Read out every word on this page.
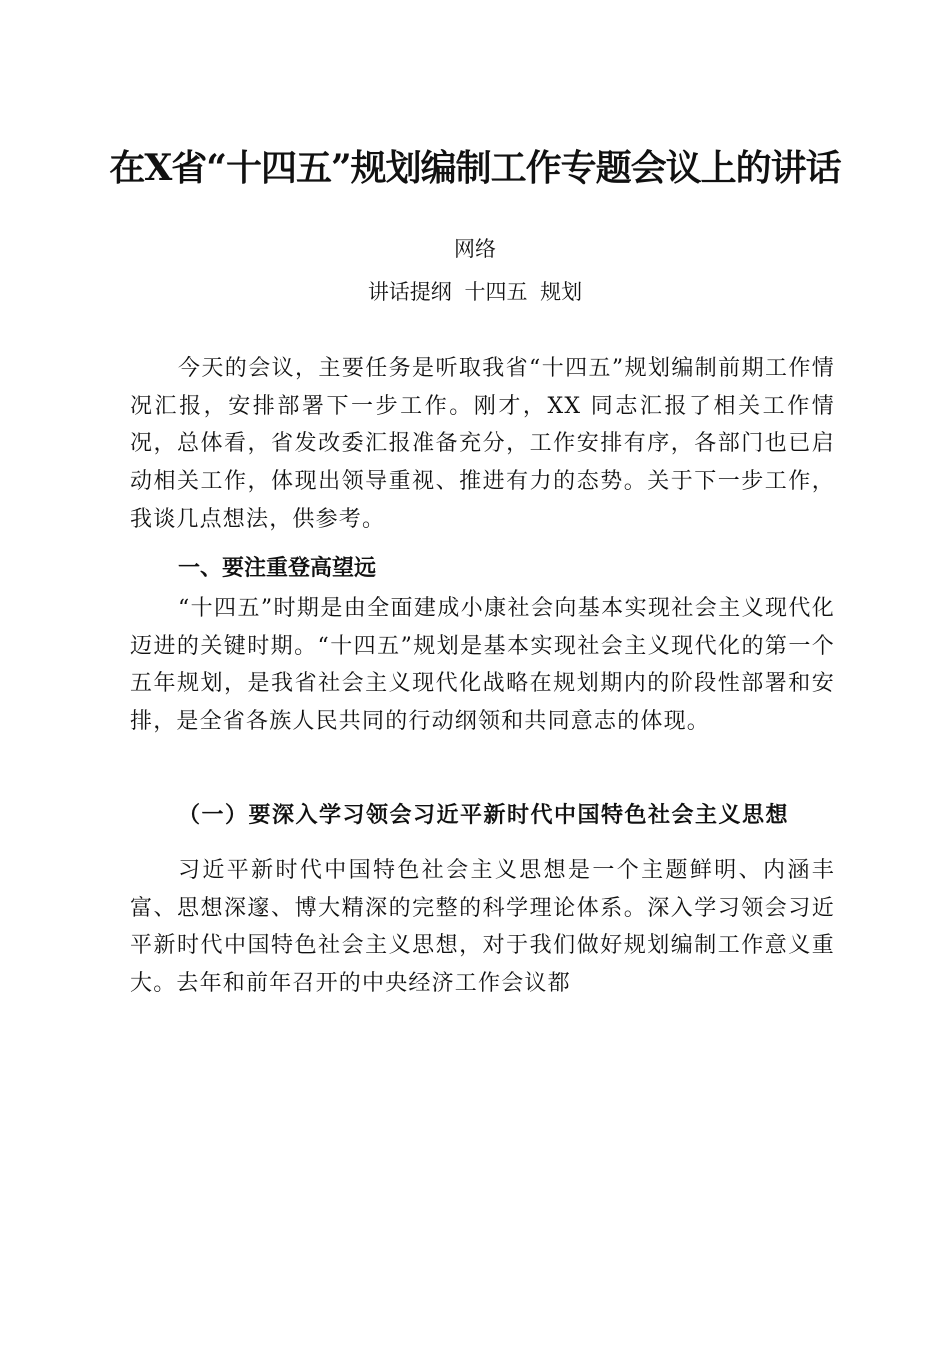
在X省“十四五”规划编制工作专题会议上的讲话

网络

讲话提纲 十四五 规划

今天的会议，主要任务是听取我省“十四五”规划编制前期工作情况汇报，安排部署下一步工作。刚才，XX 同志汇报了相关工作情况，总体看，省发改委汇报准备充分，工作安排有序，各部门也已启动相关工作，体现出领导重视、推进有力的态势。关于下一步工作，我谈几点想法，供参考。

一、要注重登高望远

“十四五”时期是由全面建成小康社会向基本实现社会主义现代化迈进的关键时期。“十四五”规划是基本实现社会主义现代化的第一个五年规划，是我省社会主义现代化战略在规划期内的阶段性部署和安排，是全省各族人民共同的行动纲领和共同意志的体现。

（一）要深入学习领会习近平新时代中国特色社会主义思想

习近平新时代中国特色社会主义思想是一个主题鲜明、内涵丰富、思想深邃、博大精深的完整的科学理论体系。深入学习领会习近平新时代中国特色社会主义思想，对于我们做好规划编制工作意义重大。去年和前年召开的中央经济工作会议都
